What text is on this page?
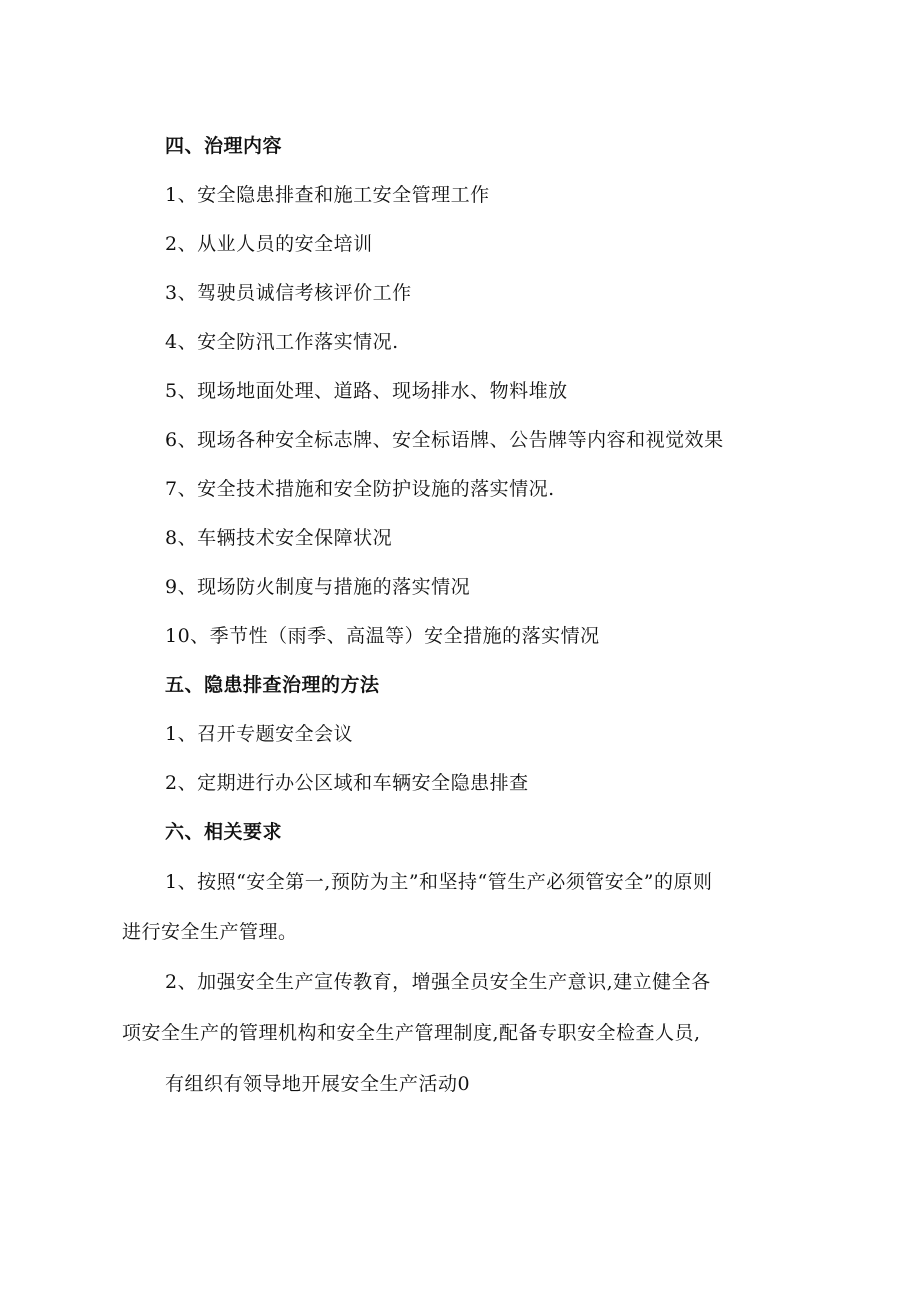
四、治理内容
1、安全隐患排查和施工安全管理工作
2、从业人员的安全培训
3、驾驶员诚信考核评价工作
4、安全防汛工作落实情况.
5、现场地面处理、道路、现场排水、物料堆放
6、现场各种安全标志牌、安全标语牌、公告牌等内容和视觉效果
7、安全技术措施和安全防护设施的落实情况.
8、车辆技术安全保障状况
9、现场防火制度与措施的落实情况
10、季节性（雨季、高温等）安全措施的落实情况
五、隐患排查治理的方法
1、召开专题安全会议
2、定期进行办公区域和车辆安全隐患排查
六、相关要求
1、按照“安全第一,预防为主”和坚持“管生产必须管安全”的原则
进行安全生产管理。
2、加强安全生产宣传教育，增强全员安全生产意识,建立健全各
项安全生产的管理机构和安全生产管理制度,配备专职安全检查人员,
有组织有领导地开展安全生产活动0
